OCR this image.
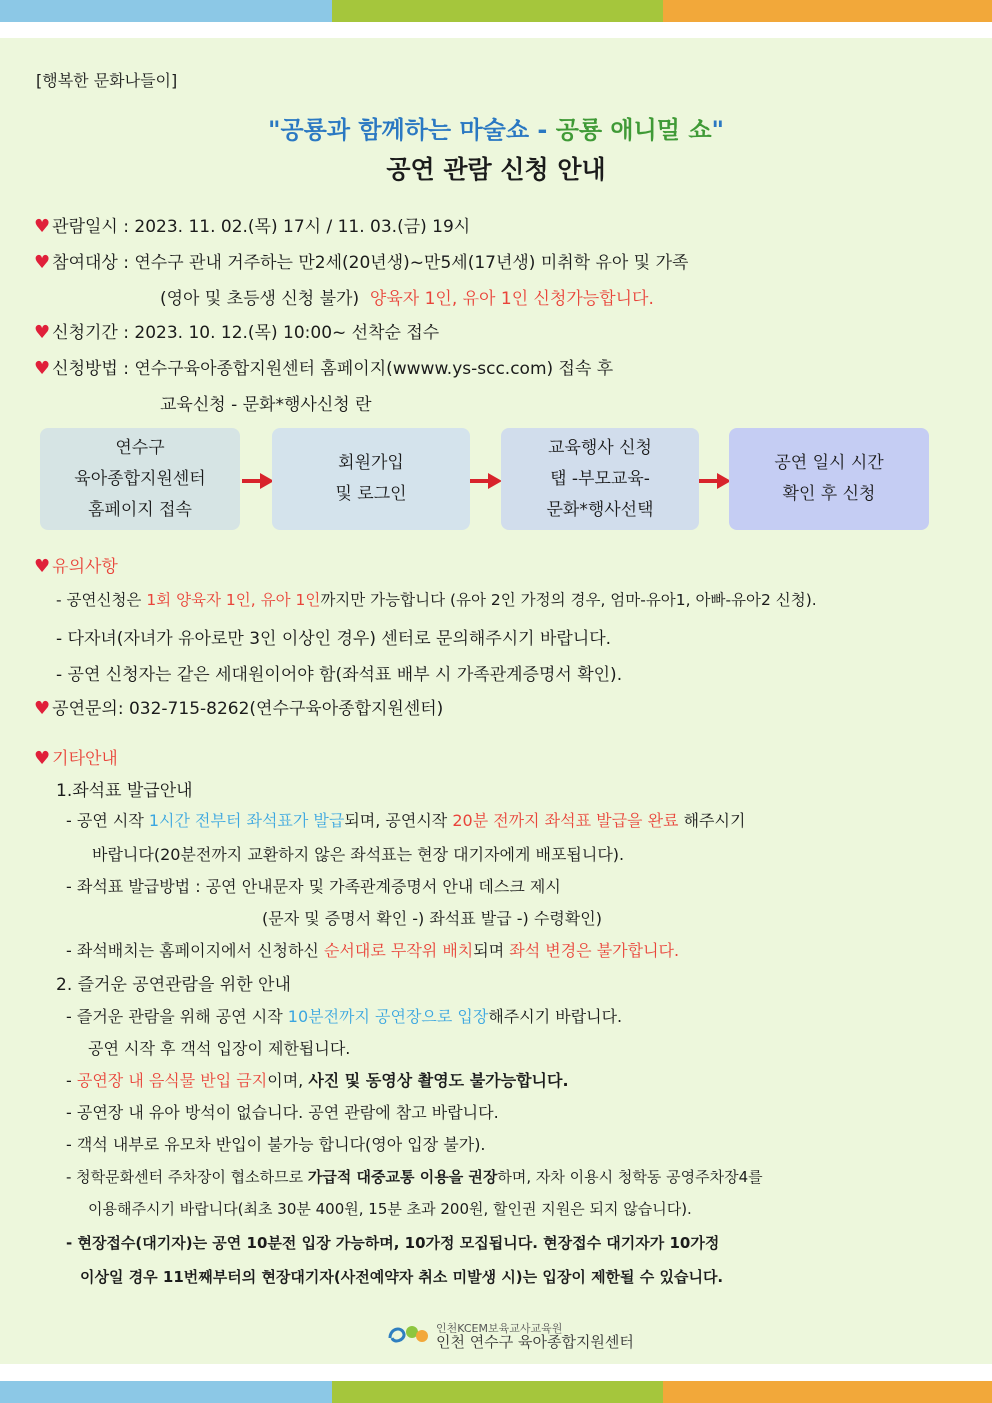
[행복한 문화나들이]
"공룡과 함께하는 마술쇼 - 공룡 애니멀 쇼"
공연 관람 신청 안내
♥ 관람일시 : 2023. 11. 02.(목) 17시 / 11. 03.(금) 19시
♥ 참여대상 : 연수구 관내 거주하는 만2세(20년생)~만5세(17년생) 미취학 유아 및 가족
(영아 및 초등생 신청 불가) 양육자 1인, 유아 1인 신청가능합니다.
♥ 신청기간 : 2023. 10. 12.(목) 10:00~ 선착순 접수
♥ 신청방법 : 연수구육아종합지원센터 홈페이지(wwww.ys-scc.com) 접속 후
교육신청 - 문화*행사신청 란
연수구
육아종합지원센터
홈페이지 접속
회원가입
및 로그인
교육행사 신청
탭 -부모교육-
문화*행사선택
공연 일시 시간
확인 후 신청
♥ 유의사항
- 공연신청은 1회 양육자 1인, 유아 1인까지만 가능합니다 (유아 2인 가정의 경우, 엄마-유아1, 아빠-유아2 신청).
- 다자녀(자녀가 유아로만 3인 이상인 경우) 센터로 문의해주시기 바랍니다.
- 공연 신청자는 같은 세대원이어야 함(좌석표 배부 시 가족관계증명서 확인).
♥ 공연문의: 032-715-8262(연수구육아종합지원센터)
♥ 기타안내
1.좌석표 발급안내
- 공연 시작 1시간 전부터 좌석표가 발급되며, 공연시작 20분 전까지 좌석표 발급을 완료 해주시기
바랍니다(20분전까지 교환하지 않은 좌석표는 현장 대기자에게 배포됩니다).
- 좌석표 발급방법 : 공연 안내문자 및 가족관계증명서 안내 데스크 제시
(문자 및 증명서 확인 -) 좌석표 발급 -) 수령확인)
- 좌석배치는 홈페이지에서 신청하신 순서대로 무작위 배치되며 좌석 변경은 불가합니다.
2. 즐거운 공연관람을 위한 안내
- 즐거운 관람을 위해 공연 시작 10분전까지 공연장으로 입장해주시기 바랍니다.
공연 시작 후 객석 입장이 제한됩니다.
- 공연장 내 음식물 반입 금지이며, 사진 및 동영상 촬영도 불가능합니다.
- 공연장 내 유아 방석이 없습니다. 공연 관람에 참고 바랍니다.
- 객석 내부로 유모차 반입이 불가능 합니다(영아 입장 불가).
- 청학문화센터 주차장이 협소하므로 가급적 대중교통 이용을 권장하며, 자차 이용시 청학동 공영주차장4를
이용해주시기 바랍니다(최초 30분 400원, 15분 초과 200원, 할인권 지원은 되지 않습니다).
- 현장접수(대기자)는 공연 10분전 입장 가능하며, 10가정 모집됩니다. 현장접수 대기자가 10가정
이상일 경우 11번째부터의 현장대기자(사전예약자 취소 미발생 시)는 입장이 제한될 수 있습니다.
인천KCEM보육교사교육원
인천 연수구 육아종합지원센터
